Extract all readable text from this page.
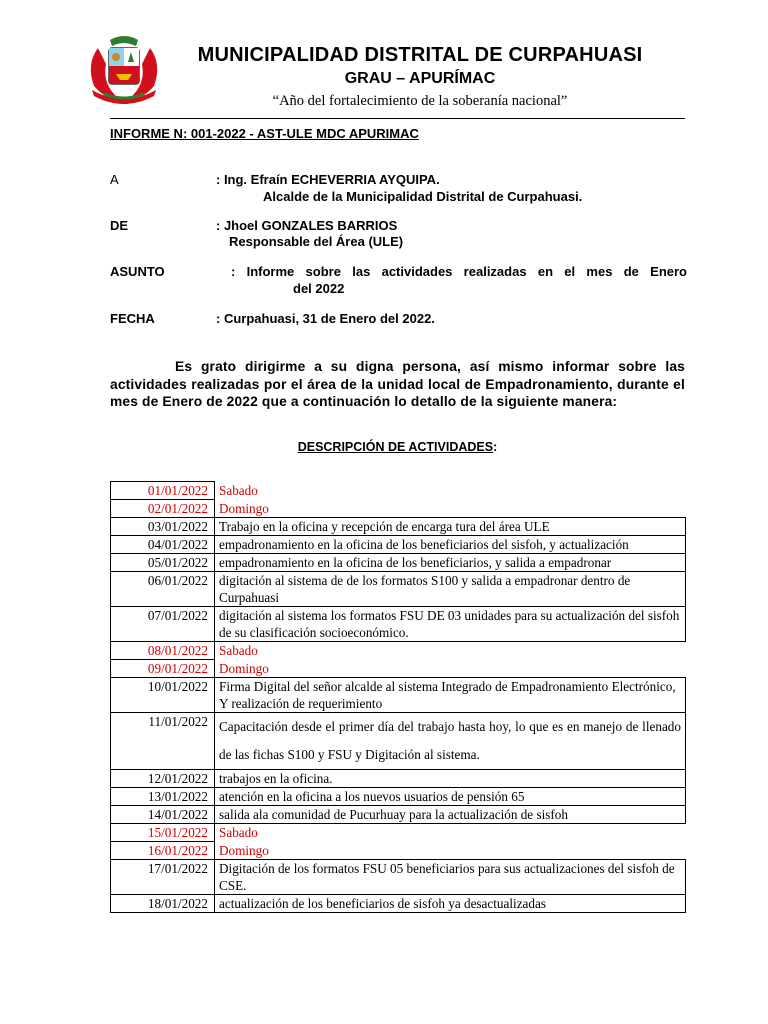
MUNICIPALIDAD DISTRITAL DE CURPAHUASI
GRAU – APURÍMAC
“Año del fortalecimiento de la soberanía nacional”
INFORME N: 001-2022 - AST-ULE MDC APURIMAC
A	: Ing. Efraín ECHEVERRIA AYQUIPA.
Alcalde de la Municipalidad Distrital de Curpahuasi.
DE	: Jhoel GONZALES BARRIOS
Responsable del Área (ULE)
ASUNTO	: Informe sobre las actividades realizadas en el mes de Enero
del 2022
FECHA	: Curpahuasi, 31 de Enero del 2022.
Es grato dirigirme a su digna persona, así mismo informar sobre las actividades realizadas por el área de la unidad local de Empadronamiento, durante el mes de Enero de 2022 que a continuación lo detallo de la siguiente manera:
DESCRIPCIÓN DE ACTIVIDADES:
01/01/2022	Sabado
02/01/2022	Domingo
03/01/2022	Trabajo en la oficina y recepción de encarga tura del área ULE
04/01/2022	empadronamiento en la oficina de los beneficiarios del sisfoh, y actualización
05/01/2022	empadronamiento en la oficina de los beneficiarios, y salida a empadronar
06/01/2022	digitación al sistema de de los formatos S100 y salida a empadronar dentro de Curpahuasi
07/01/2022	digitación al sistema los formatos FSU DE 03 unidades para su actualización del sisfoh de su clasificación socioeconómico.
08/01/2022	Sabado
09/01/2022	Domingo
10/01/2022	Firma Digital del señor alcalde al sistema Integrado de Empadronamiento Electrónico, Y realización de requerimiento
11/01/2022	Capacitación desde el primer día del trabajo hasta hoy, lo que es en manejo de llenado de las fichas S100 y FSU y Digitación al sistema.
12/01/2022	trabajos en la oficina.
13/01/2022	atención en la oficina a los nuevos usuarios de pensión 65
14/01/2022	salida ala comunidad de Pucurhuay para la actualización de sisfoh
15/01/2022	Sabado
16/01/2022	Domingo
17/01/2022	Digitación de los formatos FSU 05 beneficiarios para sus actualizaciones del sisfoh de CSE.
18/01/2022	actualización de los beneficiarios de sisfoh ya desactualizadas
